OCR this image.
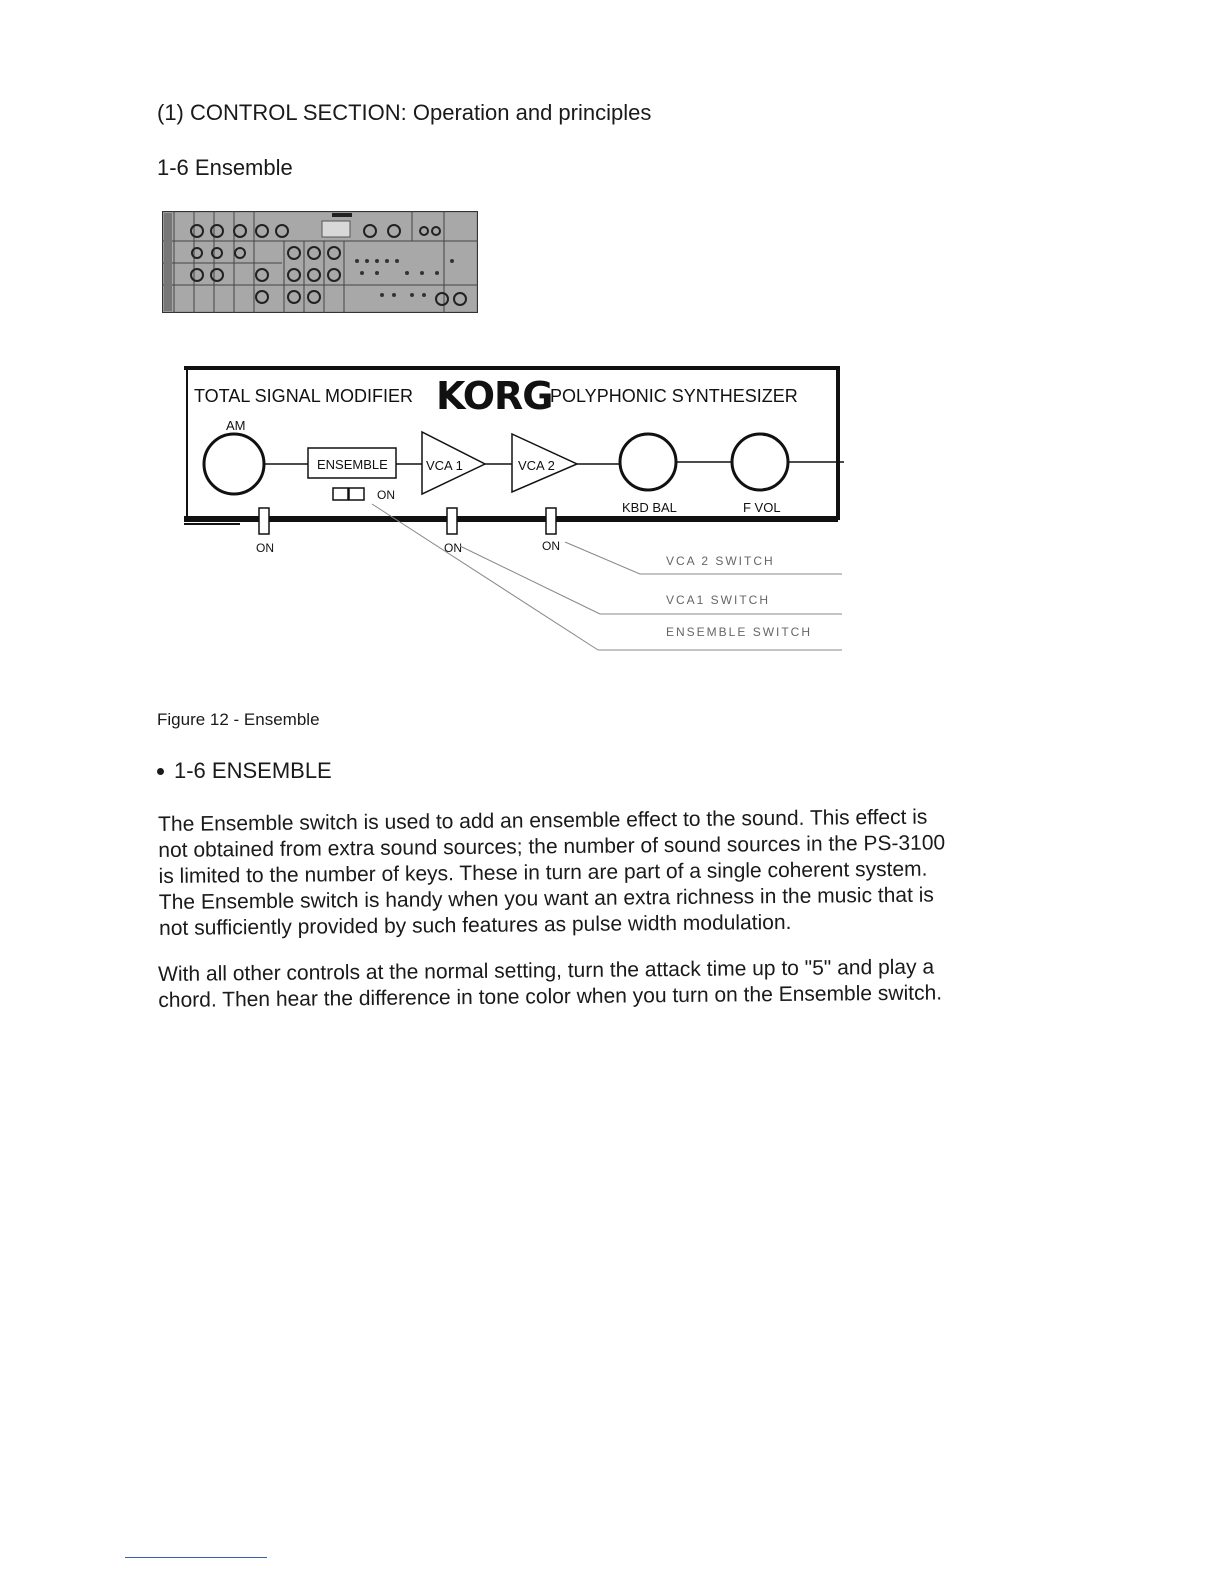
(1) CONTROL SECTION: Operation and principles
1-6 Ensemble
TOTAL SIGNAL MODIFIER KORG
POLYPHONIC SYNTHESIZER
AM
ENSEMBLE
ON
VCA 1	VCA 2
KBD BAL	F VOL
ON	ON	ON
VCA 2 SWITCH
VCA1 SWITCH
ENSEMBLE SWITCH
Figure 12 - Ensemble
1-6 ENSEMBLE
The Ensemble switch is used to add an ensemble effect to the sound. This effect is
not obtained from extra sound sources; the number of sound sources in the PS-3100
is limited to the number of keys. These in turn are part of a single coherent system.
The Ensemble switch is handy when you want an extra richness in the music that is
not sufficiently provided by such features as pulse width modulation.
With all other controls at the normal setting, turn the attack time up to "5" and play a
chord. Then hear the difference in tone color when you turn on the Ensemble switch.
